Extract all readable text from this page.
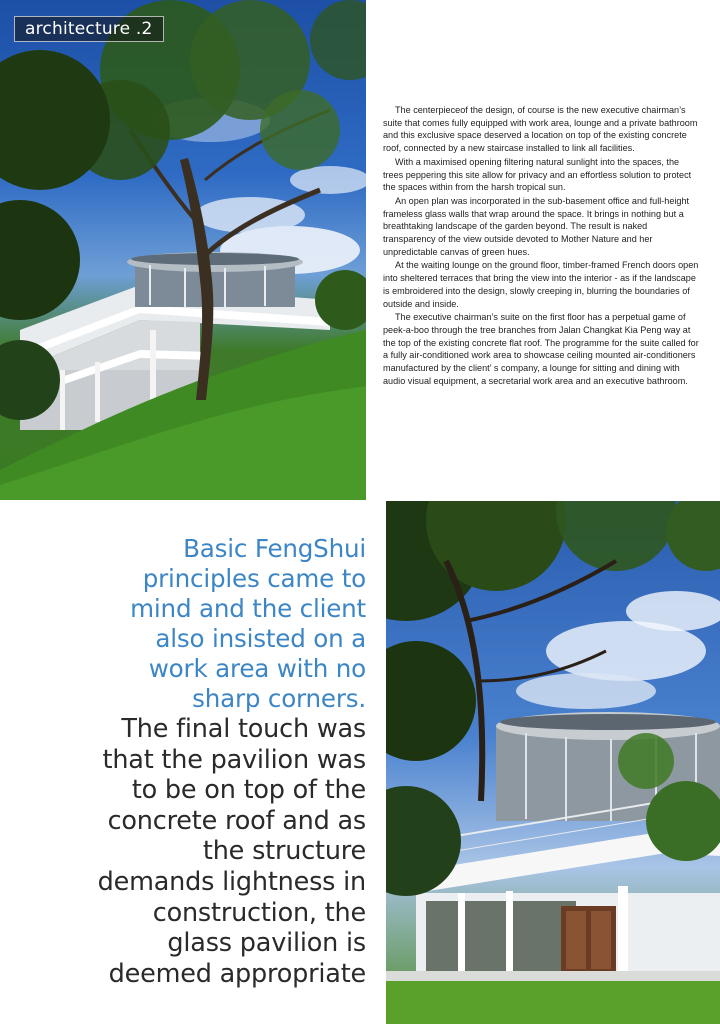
architecture .2

The centerpieceof the design, of course is the new executive chairman’s suite that comes fully equipped with work area, lounge and a private bathroom and this exclusive space deserved a location on top of the existing concrete roof, connected by a new staircase installed to link all facilities.

With a maximised opening filtering natural sunlight into the spaces, the trees peppering this site allow for privacy and an effortless solution to protect the spaces within from the harsh tropical sun.

An open plan was incorporated in the sub-basement office and full-height frameless glass walls that wrap around the space. It brings in nothing but a breathtaking landscape of the garden beyond. The result is naked transparency of the view outside devoted to Mother Nature and her unpredictable canvas of green hues.

At the waiting lounge on the ground floor, timber-framed French doors open into sheltered terraces that bring the view into the interior - as if the landscape is embroidered into the design, slowly creeping in, blurring the boundaries of outside and inside.

The executive chairman’s suite on the first floor has a perpetual game of peek-a-boo through the tree branches from Jalan Changkat Kia Peng way at the top of the existing concrete flat roof. The programme for the suite called for a fully air-conditioned work area to showcase ceiling mounted air-conditioners manufactured by the client’ s company, a lounge for sitting and dining with audio visual equipment, a secretarial work area and an executive bathroom.

Basic FengShui
principles came to
mind and the client
also insisted on a
work area with no
sharp corners.
The final touch was
that the pavilion was
to be on top of the
concrete roof and as
the structure
demands lightness in
construction, the
glass pavilion is
deemed appropriate
